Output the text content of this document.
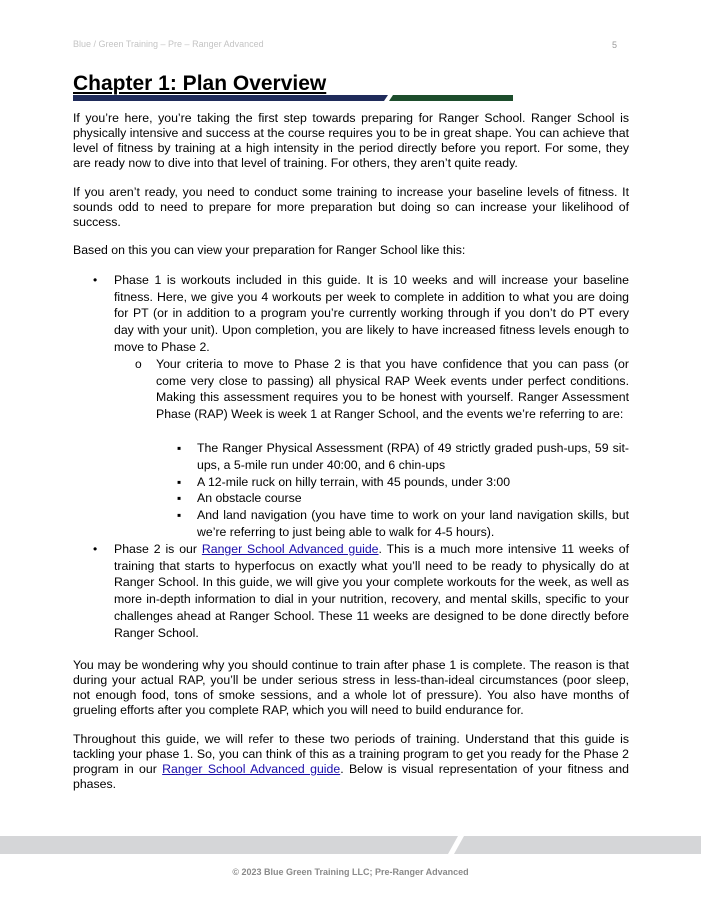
Blue / Green Training – Pre – Ranger Advanced	5
Chapter 1: Plan Overview

If you’re here, you’re taking the first step towards preparing for Ranger School. Ranger School is physically intensive and success at the course requires you to be in great shape. You can achieve that level of fitness by training at a high intensity in the period directly before you report. For some, they are ready now to dive into that level of training. For others, they aren’t quite ready.

If you aren’t ready, you need to conduct some training to increase your baseline levels of fitness. It sounds odd to need to prepare for more preparation but doing so can increase your likelihood of success.

Based on this you can view your preparation for Ranger School like this:

• Phase 1 is workouts included in this guide. It is 10 weeks and will increase your baseline fitness. Here, we give you 4 workouts per week to complete in addition to what you are doing for PT (or in addition to a program you’re currently working through if you don’t do PT every day with your unit). Upon completion, you are likely to have increased fitness levels enough to move to Phase 2.

o Your criteria to move to Phase 2 is that you have confidence that you can pass (or come very close to passing) all physical RAP Week events under perfect conditions. Making this assessment requires you to be honest with yourself. Ranger Assessment Phase (RAP) Week is week 1 at Ranger School, and the events we’re referring to are:

▪ The Ranger Physical Assessment (RPA) of 49 strictly graded push-ups, 59 sit-ups, a 5-mile run under 40:00, and 6 chin-ups

▪ A 12-mile ruck on hilly terrain, with 45 pounds, under 3:00

▪ An obstacle course

▪ And land navigation (you have time to work on your land navigation skills, but we’re referring to just being able to walk for 4-5 hours).

• Phase 2 is our Ranger School Advanced guide. This is a much more intensive 11 weeks of training that starts to hyperfocus on exactly what you’ll need to be ready to physically do at Ranger School. In this guide, we will give you your complete workouts for the week, as well as more in-depth information to dial in your nutrition, recovery, and mental skills, specific to your challenges ahead at Ranger School. These 11 weeks are designed to be done directly before Ranger School.

You may be wondering why you should continue to train after phase 1 is complete. The reason is that during your actual RAP, you’ll be under serious stress in less-than-ideal circumstances (poor sleep, not enough food, tons of smoke sessions, and a whole lot of pressure). You also have months of grueling efforts after you complete RAP, which you will need to build endurance for.

Throughout this guide, we will refer to these two periods of training. Understand that this guide is tackling your phase 1. So, you can think of this as a training program to get you ready for the Phase 2 program in our Ranger School Advanced guide. Below is visual representation of your fitness and phases.

© 2023 Blue Green Training LLC; Pre-Ranger Advanced
